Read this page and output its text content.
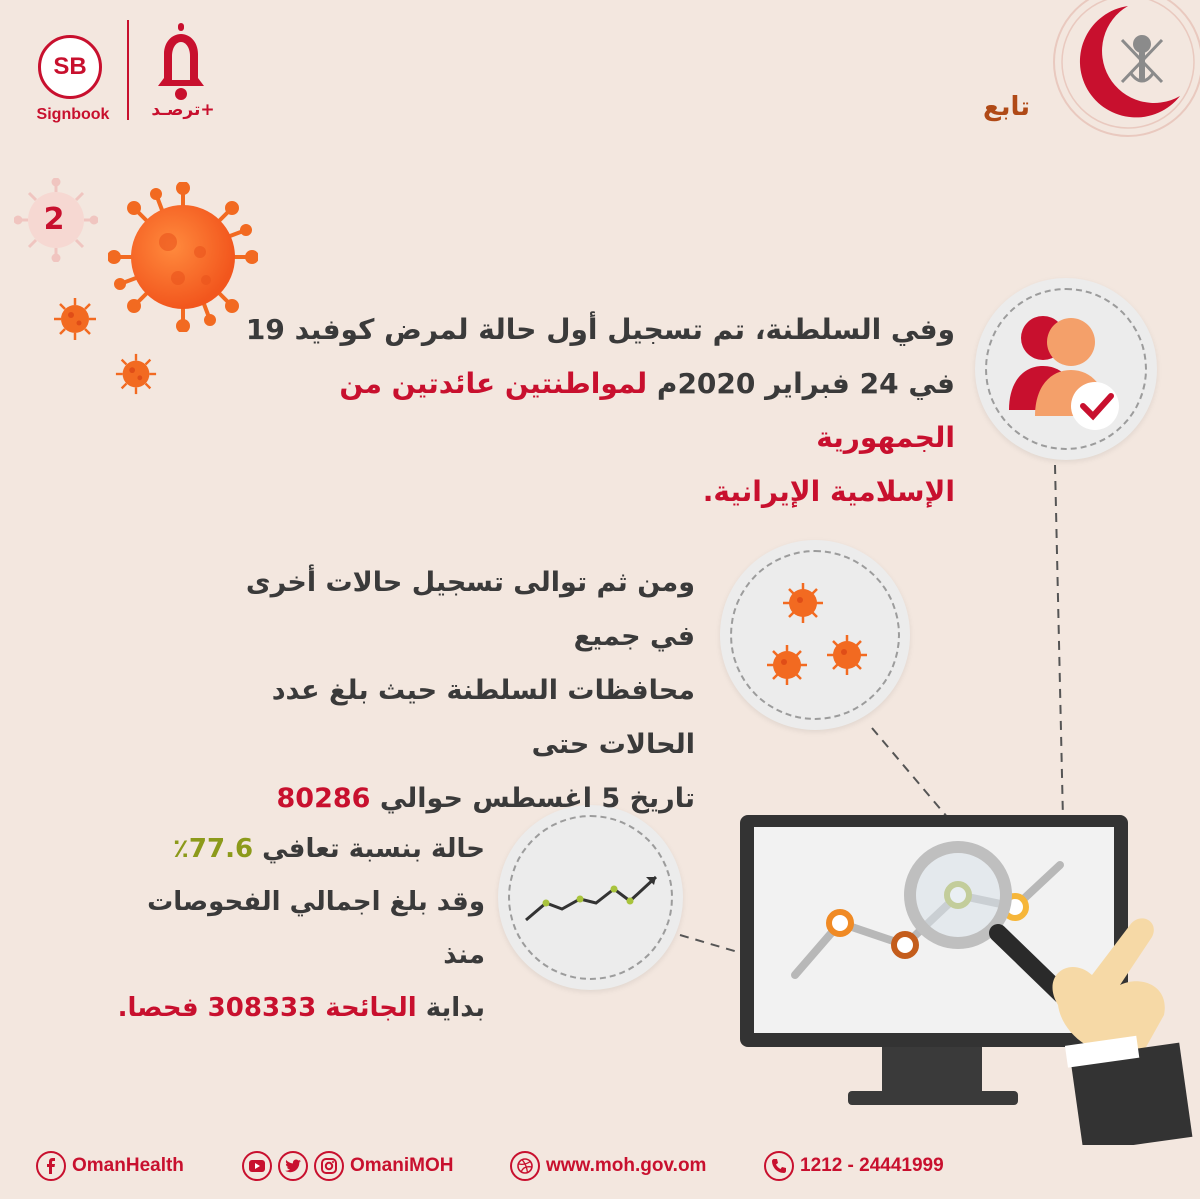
SB
Signbook	ترصـد+	تابع
2
وفي السلطنة، تم تسجيل أول حالة لمرض كوفيد 19
في 24 فبراير 2020م لمواطنتين عائدتين من الجمهورية
الإسلامية الإيرانية.
ومن ثم توالى تسجيل حالات أخرى في جميع
محافظات السلطنة حيث بلغ عدد الحالات حتى
تاريخ 5 اغسطس حوالي 80286
حالة بنسبة تعافي 77.6٪
وقد بلغ اجمالي الفحوصات منذ
بداية الجائحة 308333 فحصا.
OmanHealth	OmaniMOH	www.moh.gov.om	1212 - 24441999
